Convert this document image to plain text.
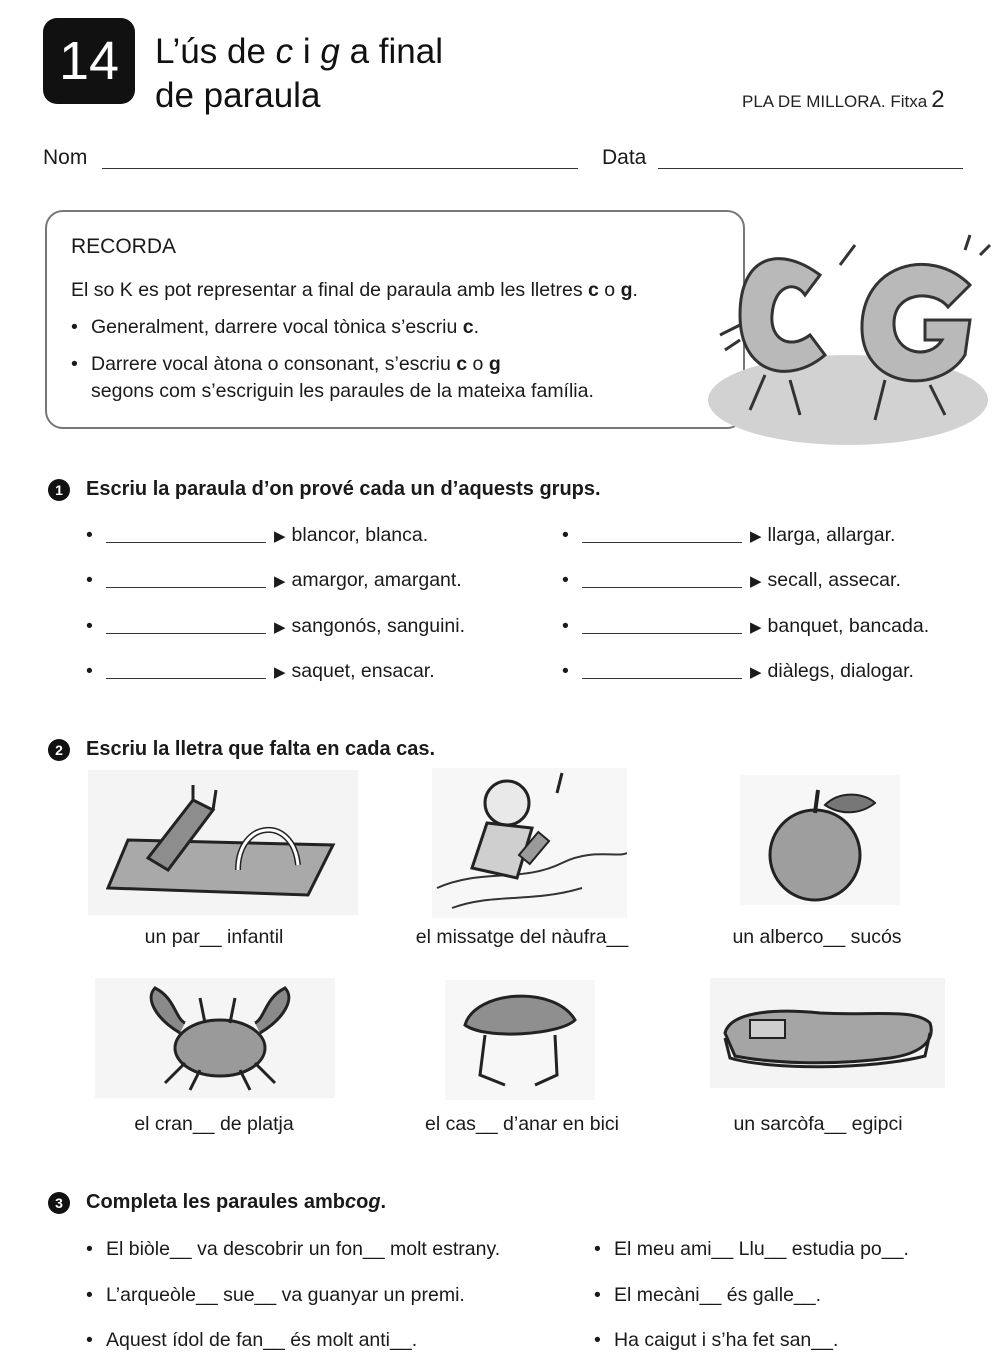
14	L’ús de c i g a final
de paraula	PLA DE MILLORA. Fitxa 2
Nom	Data
RECORDA
El so K es pot representar a final de paraula amb les lletres c o g.
• Generalment, darrere vocal tònica s’escriu c.
• Darrere vocal àtona o consonant, s’escriu c o g
segons com s’escriguin les paraules de la mateixa família.
1	Escriu la paraula d’on prové cada un d’aquests grups.
•	▶ blancor, blanca.
•	▶ amargor, amargant.
•	▶ sangonós, sanguini.
•	▶ saquet, ensacar.
•	▶ llarga, allargar.
•	▶ secall, assecar.
•	▶ banquet, bancada.
•	▶ diàlegs, dialogar.
2	Escriu la lletra que falta en cada cas.
un par__ infantil	el missatge del nàufra__	un alberco__ sucós
el cran__ de platja	el cas__ d’anar en bici	un sarcòfa__ egipci
3	Completa les paraules amb c o g .
• El biòle__ va descobrir un fon__ molt estrany.
• L’arqueòle__ sue__ va guanyar un premi.
• Aquest ídol de fan__ és molt anti__.
• El meu ami__ Llu__ estudia po__.
• El mecàni__ és galle__.
• Ha caigut i s’ha fet san__.
